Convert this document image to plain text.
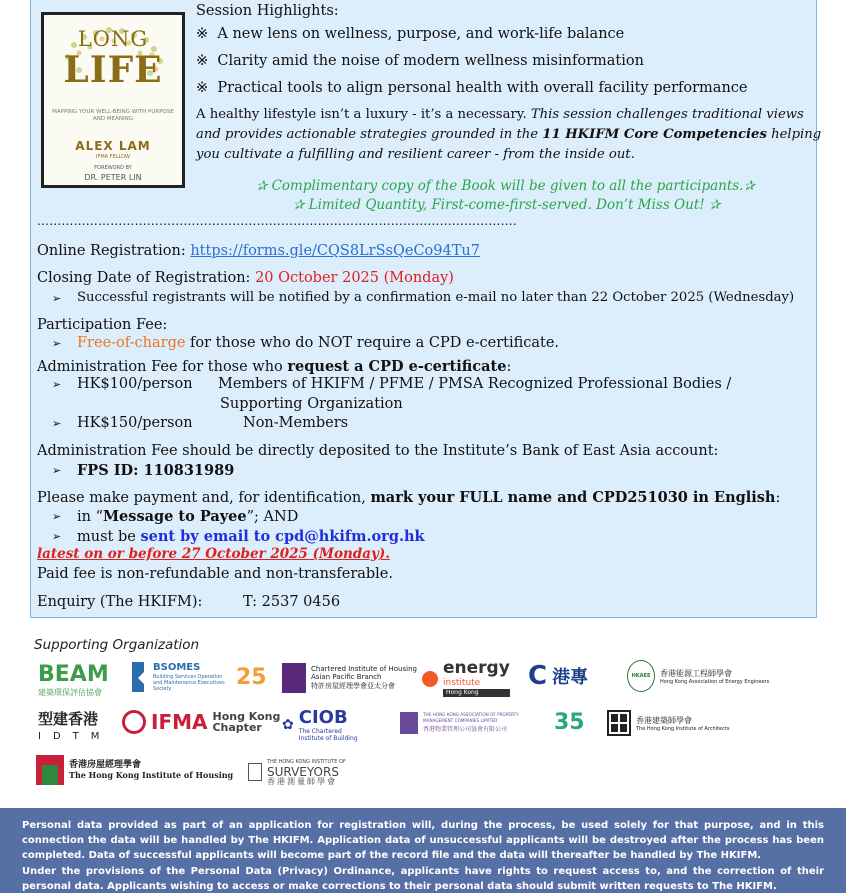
LONG
LIFE
MAPPING YOUR WELL-BEING WITH PURPOSE AND MEANING
ALEX LAM
IFMA FELLOW
FOREWORD BY
DR. PETER LIN
Session Highlights:
※ A new lens on wellness, purpose, and work-life balance
※ Clarity amid the noise of modern wellness misinformation
※ Practical tools to align personal health with overall facility performance
A healthy lifestyle isn’t a luxury - it’s a necessary. This session challenges traditional views
and provides actionable strategies grounded in the 11 HKIFM Core Competencies helping
you cultivate a fulfilling and resilient career - from the inside out.
✰ Complimentary copy of the Book will be given to all the participants.✰
✰ Limited Quantity, First-come-first-served. Don’t Miss Out! ✰
……………………………………………………………………………………………………….
Online Registration: https://forms.gle/CQS8LrSsQeCo94Tu7
Closing Date of Registration: 20 October 2025 (Monday)
➢ Successful registrants will be notified by a confirmation e-mail no later than 22 October 2025 (Wednesday)
Participation Fee:
➢ Free-of-charge for those who do NOT require a CPD e-certificate.
Administration Fee for those who request a CPD e-certificate:
➢ HK$100/person Members of HKIFM / PFME / PMSA Recognized Professional Bodies /
Supporting Organization
➢ HK$150/person	Non-Members
Administration Fee should be directly deposited to the Institute’s Bank of East Asia account:
➢ FPS ID: 110831989
Please make payment and, for identification, mark your FULL name and CPD251030 in English:
➢ in “Message to Payee”; AND
➢ must be sent by email to cpd@hkifm.org.hk
latest on or before 27 October 2025 (Monday).
Paid fee is non-refundable and non-transferable.
Enquiry (The HKIFM):	T: 2537 0456
Supporting Organization
BEAM
建築環保評估協會
BSOMES
Building Services Operation and Maintenance Executives Society	25	Chartered Institute of Housing
Asian Pacific Branch
特許房屋經理學會亞太分會
energy
institute
Hong Kong
C 港專	HKAEE 香港能源工程師學會
Hong Kong Association of Energy Engineers
型建香港
IDTM
IFMA Hong Kong
Chapter	✿ CIOB
The Chartered Institute of Building
THE HONG KONG ASSOCIATION OF PROPERTY MANAGEMENT COMPANIES LIMITED
香港物業管理公司協會有限公司	35	香港建築師學會
The Hong Kong Institute of Architects
香港房屋經理學會
The Hong Kong Institute of Housing
THE HONG KONG INSTITUTE OF
SURVEYORS
香港測量師學會
Personal data provided as part of an application for registration will, during the process, be used solely for that purpose, and in this connection the data will be handled by The HKIFM. Application data of unsuccessful applicants will be destroyed after the process has been completed. Data of successful applicants will become part of the record file and the data will thereafter be handled by The HKIFM.
Under the provisions of the Personal Data (Privacy) Ordinance, applicants have rights to request access to, and the correction of their personal data. Applicants wishing to access or make corrections to their personal data should submit written requests to The HKIFM.
